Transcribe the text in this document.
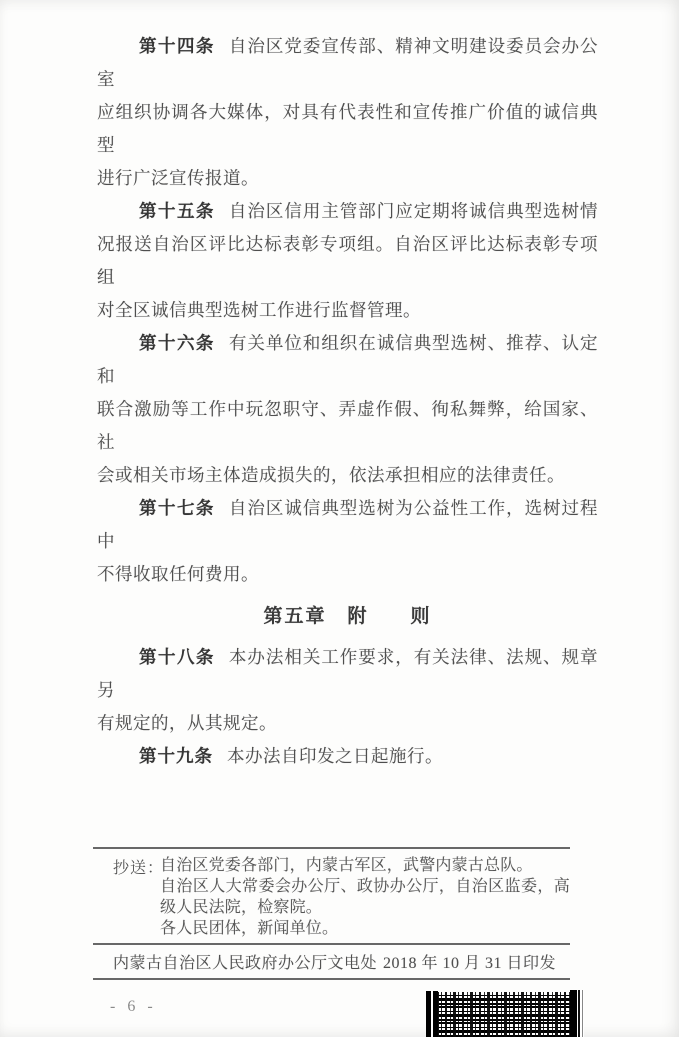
第十四条 自治区党委宣传部、精神文明建设委员会办公室
应组织协调各大媒体，对具有代表性和宣传推广价值的诚信典型
进行广泛宣传报道。

第十五条 自治区信用主管部门应定期将诚信典型选树情
况报送自治区评比达标表彰专项组。自治区评比达标表彰专项组
对全区诚信典型选树工作进行监督管理。

第十六条 有关单位和组织在诚信典型选树、推荐、认定和
联合激励等工作中玩忽职守、弄虚作假、徇私舞弊，给国家、社
会或相关市场主体造成损失的，依法承担相应的法律责任。

第十七条 自治区诚信典型选树为公益性工作，选树过程中
不得收取任何费用。

第五章　附　　则

第十八条 本办法相关工作要求，有关法律、法规、规章另
有规定的，从其规定。

第十九条 本办法自印发之日起施行。

抄送：
自治区党委各部门，内蒙古军区，武警内蒙古总队。
自治区人大常委会办公厅、政协办公厅，自治区监委，高
级人民法院，检察院。
各人民团体，新闻单位。
内蒙古自治区人民政府办公厅文电处 2018 年 10 月 31 日印发
- 6 -
